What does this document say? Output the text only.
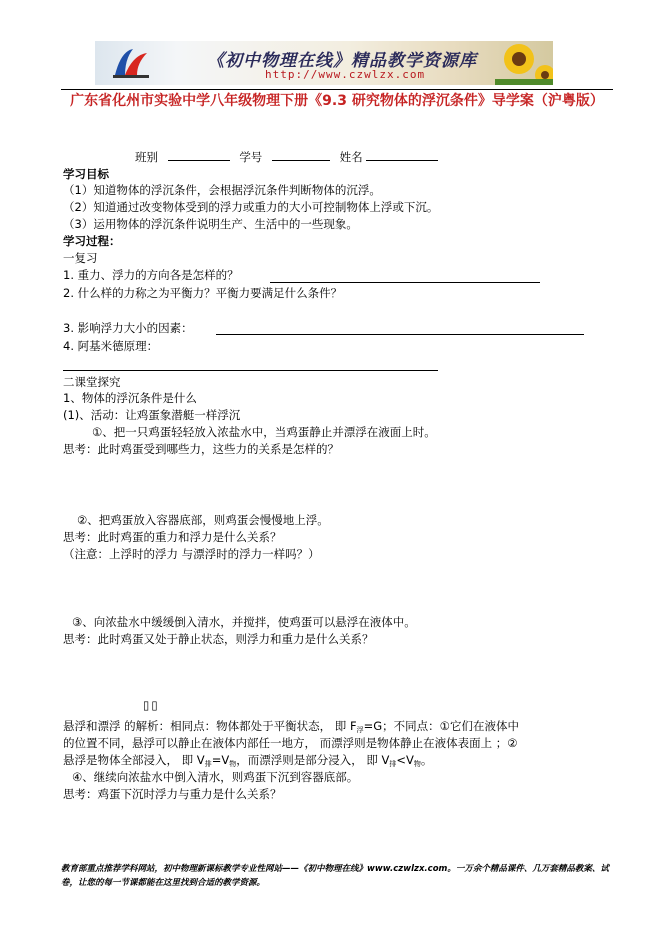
《初中物理在线》精品教学资源库
http://www.czwlzx.com
广东省化州市实验中学八年级物理下册《9.3 研究物体的浮沉条件》导学案（沪粤版）
班别	学号	姓名
学习目标
（1）知道物体的浮沉条件，会根据浮沉条件判断物体的沉浮。
（2）知道通过改变物体受到的浮力或重力的大小可控制物体上浮或下沉。
（3）运用物体的浮沉条件说明生产、生活中的一些现象。
学习过程：
一复习
1. 重力、浮力的方向各是怎样的？
2. 什么样的力称之为平衡力？平衡力要满足什么条件？
3. 影响浮力大小的因素：
4. 阿基米德原理：
二课堂探究
1、物体的浮沉条件是什么
(1)、活动：让鸡蛋象潜艇一样浮沉
①、把一只鸡蛋轻轻放入浓盐水中，当鸡蛋静止并漂浮在液面上时。
思考：此时鸡蛋受到哪些力，这些力的关系是怎样的？
②、把鸡蛋放入容器底部，则鸡蛋会慢慢地上浮。
思考：此时鸡蛋的重力和浮力是什么关系？
（注意：上浮时的浮力 与漂浮时的浮力一样吗？）
③、向浓盐水中缓缓倒入清水，并搅拌，使鸡蛋可以悬浮在液体中。
思考：此时鸡蛋又处于静止状态，则浮力和重力是什么关系？
▯▯
悬浮和漂浮 的解析：相同点：物体都处于平衡状态， 即 $F_浮=G$；不同点：①它们在液体中
的位置不同，悬浮可以静止在液体内部任一地方， 而漂浮则是物体静止在液体表面上 ；②
悬浮是物体全部浸入， 即 $V_排=V_物$，而漂浮则是部分浸入， 即 $V_排<V_物$。
④、继续向浓盐水中倒入清水，则鸡蛋下沉到容器底部。
思考：鸡蛋下沉时浮力与重力是什么关系？
教育部重点推荐学科网站，初中物理新课标教学专业性网站——《初中物理在线》www.czwlzx.com。一万余个精品课件、几万套精品教案、试卷，让您的每一节课都能在这里找到合适的教学资源。
